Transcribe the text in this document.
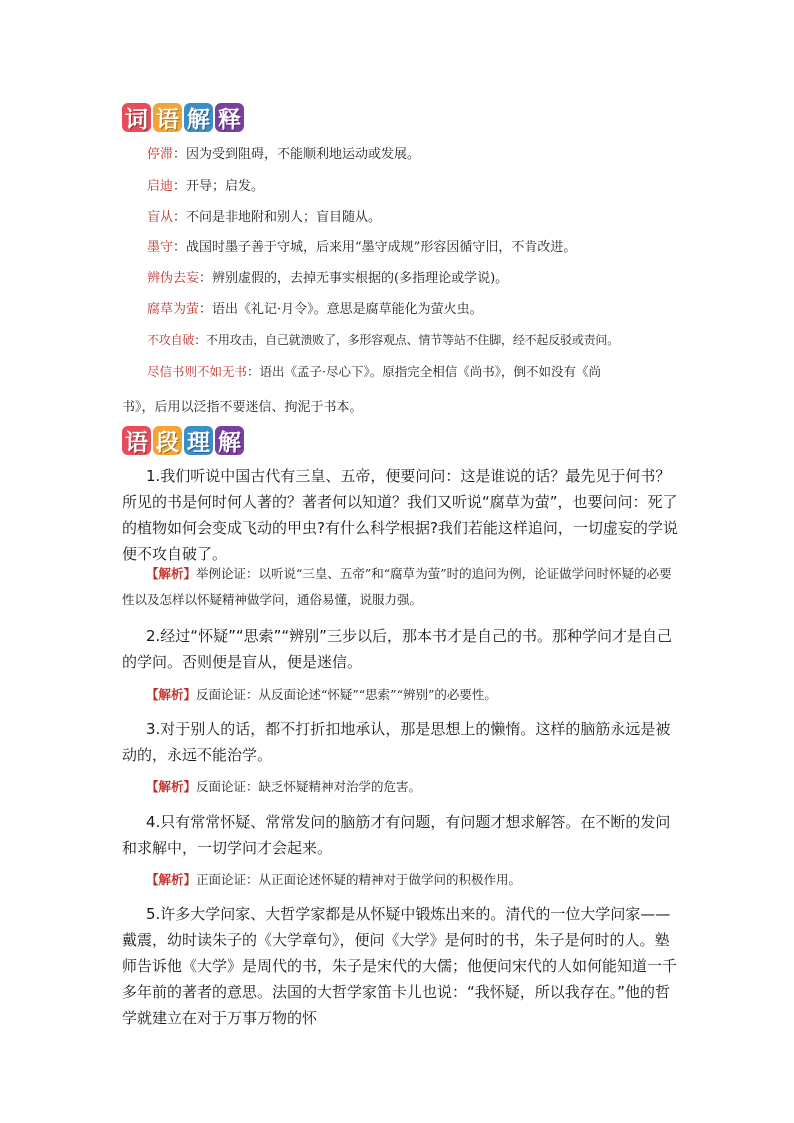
词 语 解 释
停滞：因为受到阻碍，不能顺利地运动或发展。
启迪：开导；启发。
盲从：不问是非地附和别人；盲目随从。
墨守：战国时墨子善于守城，后来用“墨守成规”形容因循守旧，不肯改进。
辨伪去妄：辨别虚假的，去掉无事实根据的(多指理论或学说)。
腐草为萤：语出《礼记·月令》。意思是腐草能化为萤火虫。
不攻自破：不用攻击，自己就溃败了，多形容观点、情节等站不住脚，经不起反驳或责问。
尽信书则不如无书：语出《孟子·尽心下》。原指完全相信《尚书》，倒不如没有《尚
书》，后用以泛指不要迷信、拘泥于书本。
语 段 理 解
1.我们听说中国古代有三皇、五帝，便要问问：这是谁说的话？最先见于何书？所见的书是何时何人著的？著者何以知道？我们又听说“腐草为萤”，也要问问：死了的植物如何会变成飞动的甲虫?有什么科学根据?我们若能这样追问，一切虚妄的学说便不攻自破了。
【解析】举例论证：以听说“三皇、五帝”和“腐草为萤”时的追问为例，论证做学问时怀疑的必要性以及怎样以怀疑精神做学问，通俗易懂，说服力强。
2.经过“怀疑”“思索”“辨别”三步以后，那本书才是自己的书。那种学问才是自己的学问。否则便是盲从，便是迷信。
【解析】反面论证：从反面论述“怀疑”“思索”“辨别”的必要性。
3.对于别人的话，都不打折扣地承认，那是思想上的懒惰。这样的脑筋永远是被动的，永远不能治学。
【解析】反面论证：缺乏怀疑精神对治学的危害。
4.只有常常怀疑、常常发问的脑筋才有问题，有问题才想求解答。在不断的发问和求解中，一切学问才会起来。
【解析】正面论证：从正面论述怀疑的精神对于做学问的积极作用。
5.许多大学问家、大哲学家都是从怀疑中锻炼出来的。清代的一位大学问家——戴震，幼时读朱子的《大学章句》，便问《大学》是何时的书，朱子是何时的人。塾师告诉他《大学》是周代的书，朱子是宋代的大儒；他便问宋代的人如何能知道一千多年前的著者的意思。法国的大哲学家笛卡儿也说：“我怀疑，所以我存在。”他的哲学就建立在对于万事万物的怀
